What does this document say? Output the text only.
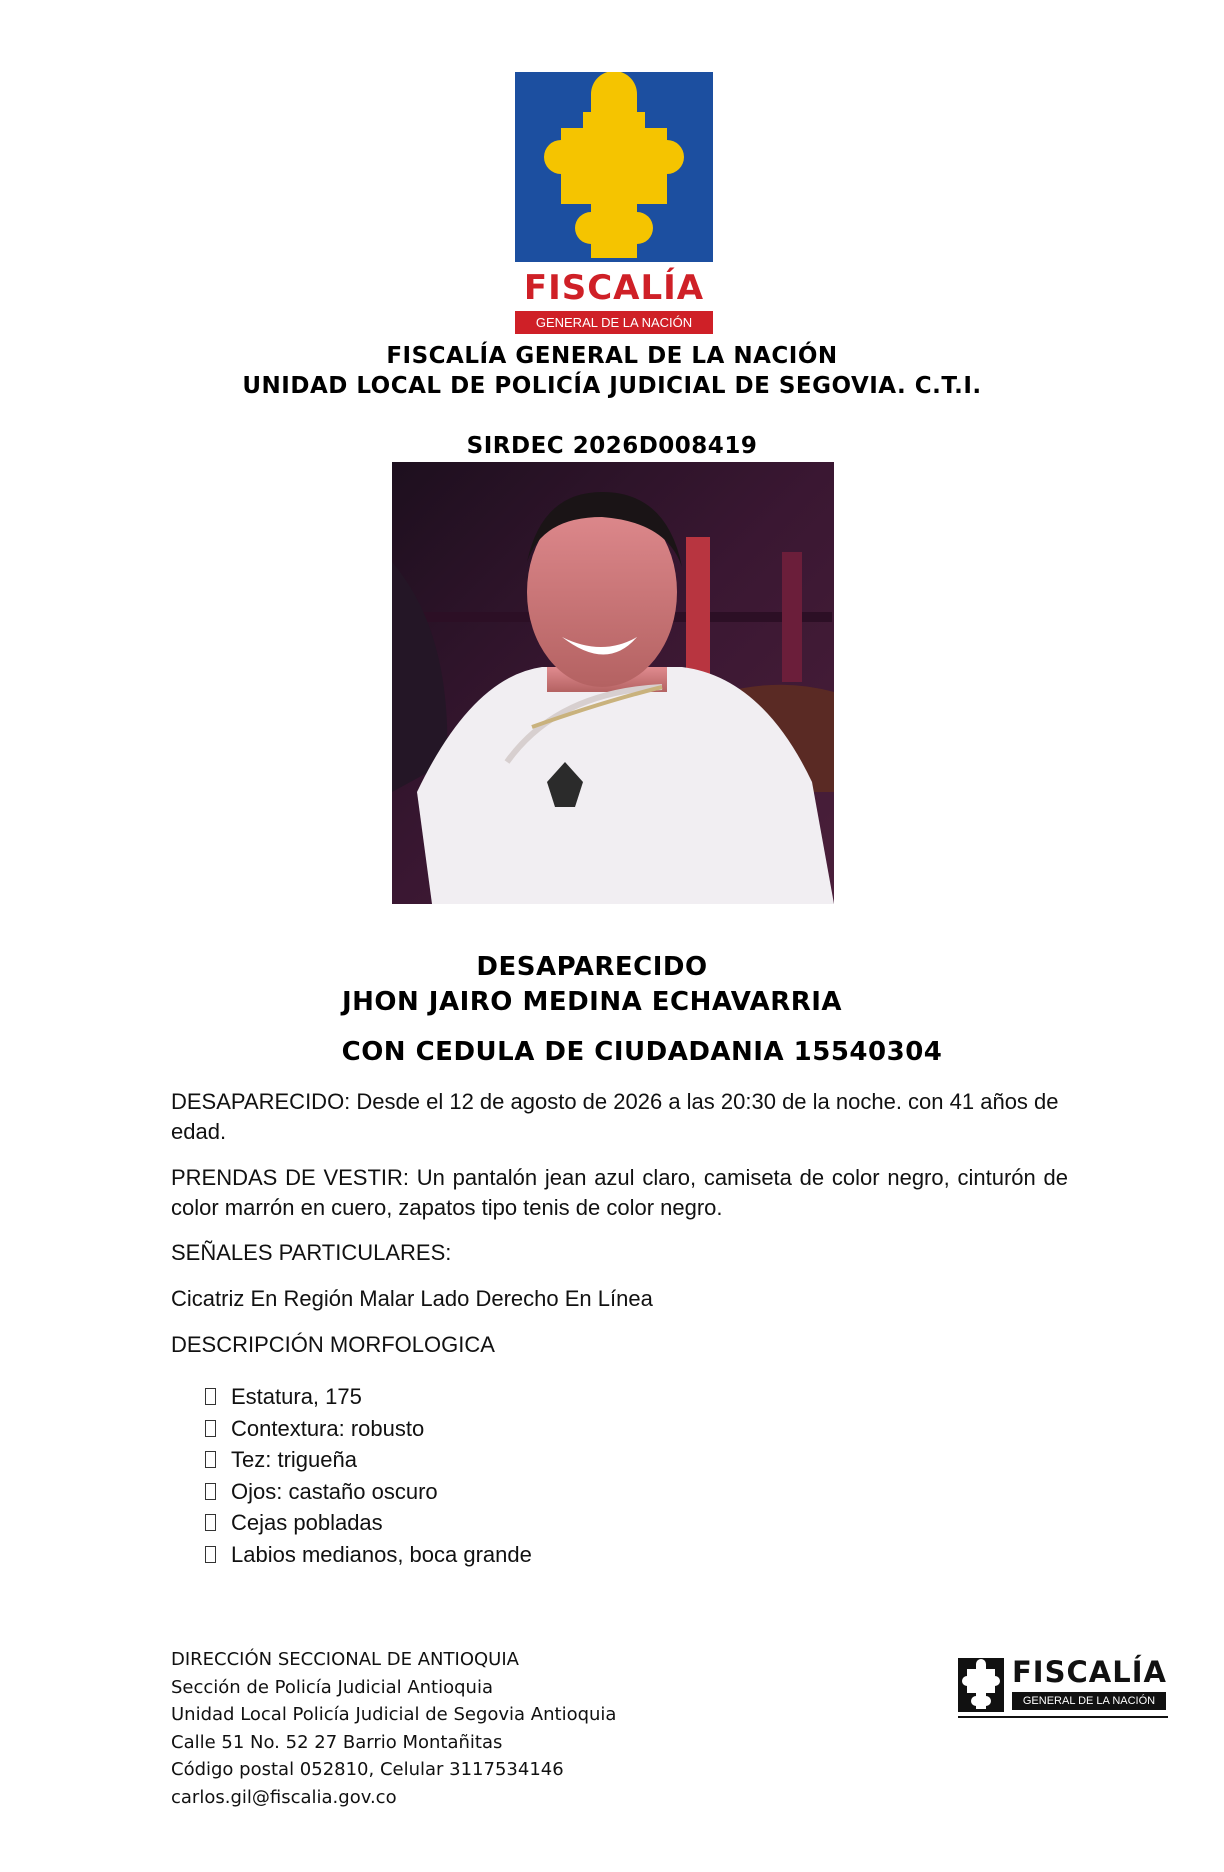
FISCALÍA
GENERAL DE LA NACIÓN
FISCALÍA GENERAL DE LA NACIÓN
UNIDAD LOCAL DE POLICÍA JUDICIAL DE SEGOVIA. C.T.I.
SIRDEC 2026D008419
DESAPARECIDO
JHON JAIRO MEDINA ECHAVARRIA
CON CEDULA DE CIUDADANIA 15540304
DESAPARECIDO: Desde el 12 de agosto de 2026 a las 20:30 de la noche. con 41 años de edad.
PRENDAS DE VESTIR: Un pantalón jean azul claro, camiseta de color negro, cinturón de color marrón en cuero, zapatos tipo tenis de color negro.
SEÑALES PARTICULARES:
Cicatriz En Región Malar Lado Derecho En Línea
DESCRIPCIÓN MORFOLOGICA
Estatura, 175
Contextura: robusto
Tez: trigueña
Ojos: castaño oscuro
Cejas pobladas
Labios medianos, boca grande
DIRECCIÓN SECCIONAL DE ANTIOQUIA
Sección de Policía Judicial Antioquia
Unidad Local Policía Judicial de Segovia Antioquia
Calle 51 No. 52 27 Barrio Montañitas
Código postal 052810, Celular 3117534146
carlos.gil@fiscalia.gov.co
FISCALÍA
GENERAL DE LA NACIÓN
